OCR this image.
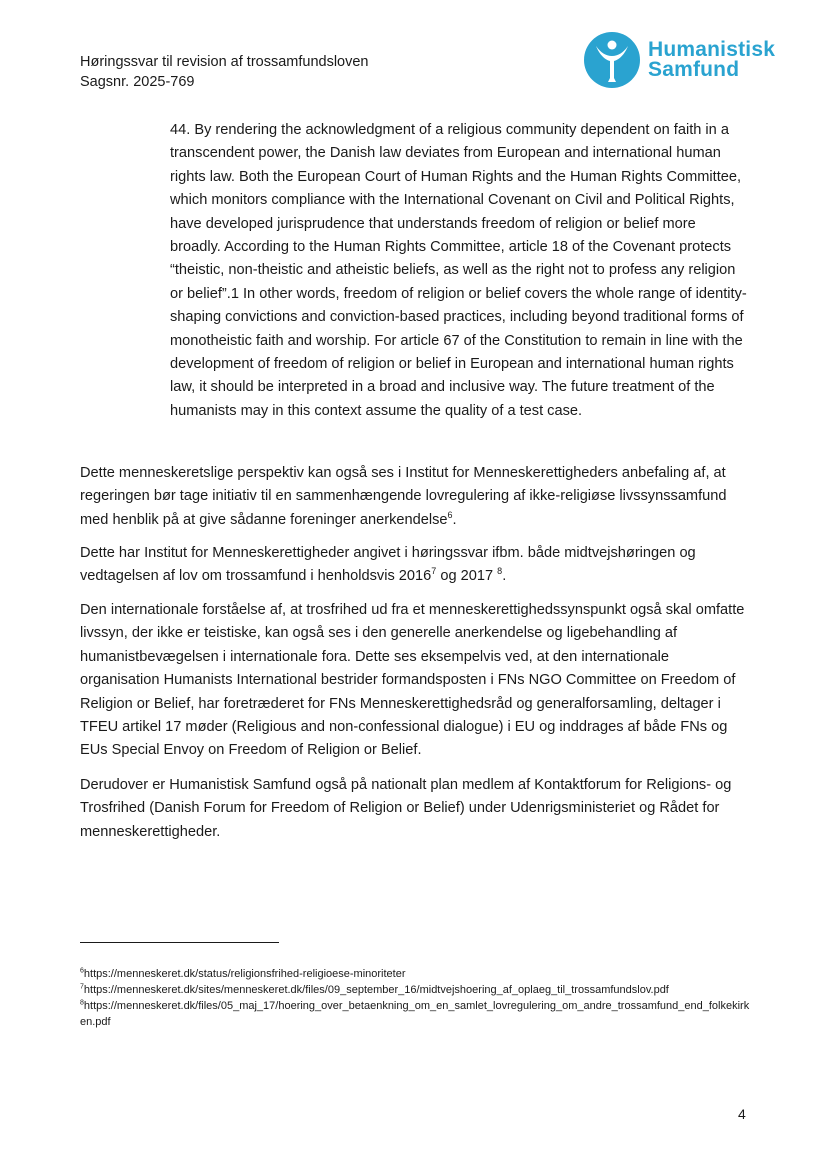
Høringssvar til revision af trossamfundsloven
Sagsnr. 2025-769
Humanistisk
Samfund

44. By rendering the acknowledgment of a religious community dependent on faith in a transcendent power, the Danish law deviates from European and international human rights law. Both the European Court of Human Rights and the Human Rights Committee, which monitors compliance with the International Covenant on Civil and Political Rights, have developed jurisprudence that understands freedom of religion or belief more broadly. According to the Human Rights Committee, article 18 of the Covenant protects “theistic, non-theistic and atheistic beliefs, as well as the right not to profess any religion or belief”.1 In other words, freedom of religion or belief covers the whole range of identity-shaping convictions and conviction-based practices, including beyond traditional forms of monotheistic faith and worship. For article 67 of the Constitution to remain in line with the development of freedom of religion or belief in European and international human rights law, it should be interpreted in a broad and inclusive way. The future treatment of the humanists may in this context assume the quality of a test case.

Dette menneskeretslige perspektiv kan også ses i Institut for Menneskerettigheders anbefaling af, at regeringen bør tage initiativ til en sammenhængende lovregulering af ikke-religiøse livssynssamfund med henblik på at give sådanne foreninger anerkendelse$^6$.

Dette har Institut for Menneskerettigheder angivet i høringssvar ifbm. både midtvejshøringen og vedtagelsen af lov om trossamfund i henholdsvis 2016$^7$ og 2017 $^8$.

Den internationale forståelse af, at trosfrihed ud fra et menneskerettighedssynspunkt også skal omfatte livssyn, der ikke er teistiske, kan også ses i den generelle anerkendelse og ligebehandling af humanistbevægelsen i internationale fora. Dette ses eksempelvis ved, at den internationale organisation Humanists International bestrider formandsposten i FNs NGO Committee on Freedom of Religion or Belief, har foretræderet for FNs Menneskerettighedsråd og generalforsamling, deltager i TFEU artikel 17 møder (Religious and non-confessional dialogue) i EU og inddrages af både FNs og EUs Special Envoy on Freedom of Religion or Belief.

Derudover er Humanistisk Samfund også på nationalt plan medlem af Kontaktforum for Religions- og Trosfrihed (Danish Forum for Freedom of Religion or Belief) under Udenrigsministeriet og Rådet for menneskerettigheder.

$^6$https://menneskeret.dk/status/religionsfrihed-religioese-minoriteter

$^7$https://menneskeret.dk/sites/menneskeret.dk/files/09_september_16/midtvejshoering_af_oplaeg_til_trossamfundslov.pdf

$^8$https://menneskeret.dk/files/05_maj_17/hoering_over_betaenkning_om_en_samlet_lovregulering_om_andre_trossamfund_end_folkekirken.pdf

4
